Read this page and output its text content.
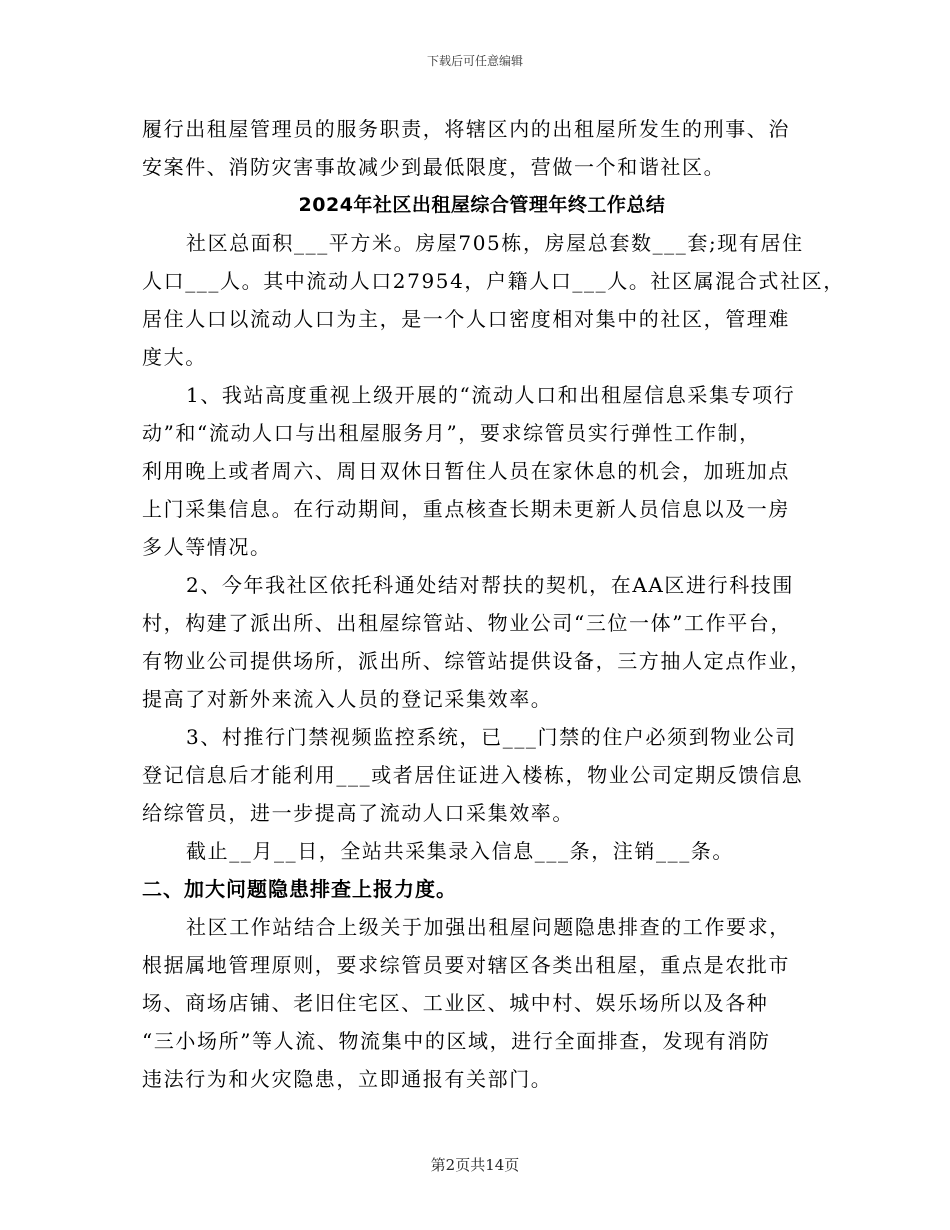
下载后可任意编辑
履行出租屋管理员的服务职责，将辖区内的出租屋所发生的刑事、治
安案件、消防灾害事故减少到最低限度，营做一个和谐社区。
2024年社区出租屋综合管理年终工作总结
社区总面积___平方米。房屋705栋，房屋总套数___套;现有居住
人口___人。其中流动人口27954，户籍人口___人。社区属混合式社区，
居住人口以流动人口为主，是一个人口密度相对集中的社区，管理难
度大。
1、我站高度重视上级开展的“流动人口和出租屋信息采集专项行
动”和“流动人口与出租屋服务月”，要求综管员实行弹性工作制，
利用晚上或者周六、周日双休日暂住人员在家休息的机会，加班加点
上门采集信息。在行动期间，重点核查长期未更新人员信息以及一房
多人等情况。
2、今年我社区依托科通处结对帮扶的契机，在AA区进行科技围
村，构建了派出所、出租屋综管站、物业公司“三位一体”工作平台，
有物业公司提供场所，派出所、综管站提供设备，三方抽人定点作业，
提高了对新外来流入人员的登记采集效率。
3、村推行门禁视频监控系统，已___门禁的住户必须到物业公司
登记信息后才能利用___或者居住证进入楼栋，物业公司定期反馈信息
给综管员，进一步提高了流动人口采集效率。
截止__月__日，全站共采集录入信息___条，注销___条。
二、加大问题隐患排查上报力度。
社区工作站结合上级关于加强出租屋问题隐患排查的工作要求，
根据属地管理原则，要求综管员要对辖区各类出租屋，重点是农批市
场、商场店铺、老旧住宅区、工业区、城中村、娱乐场所以及各种
“三小场所”等人流、物流集中的区域，进行全面排查，发现有消防
违法行为和火灾隐患，立即通报有关部门。
第2页共14页
